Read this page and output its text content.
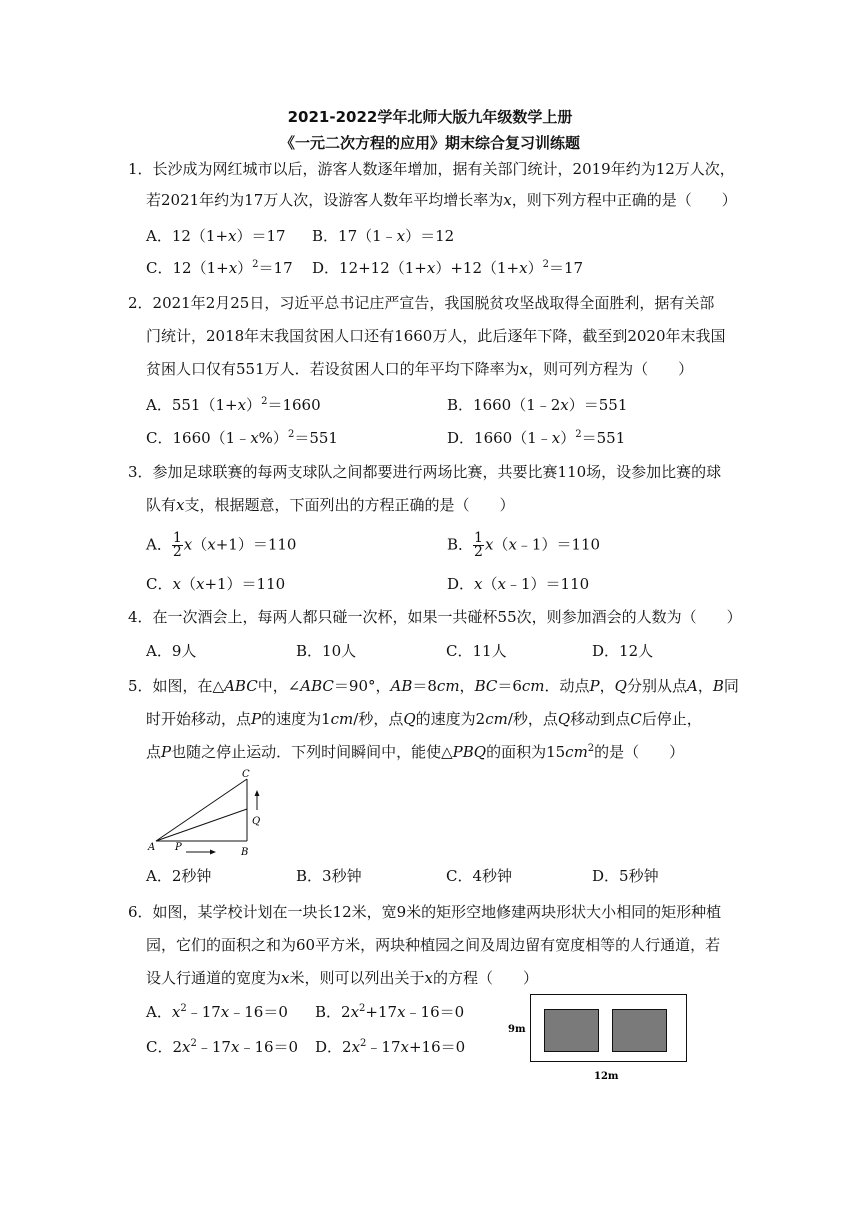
2021-2022学年北师大版九年级数学上册
《一元二次方程的应用》期末综合复习训练题
1．长沙成为网红城市以后，游客人数逐年增加，据有关部门统计，2019年约为12万人次，
若2021年约为17万人次，设游客人数年平均增长率为x，则下列方程中正确的是（　　）
A．12（1+x）＝17 B．17（1﹣x）＝12
C．$12(1+x)^2=17$ D．$12+12(1+x)+12(1+x)^2=17$
2．2021年2月25日，习近平总书记庄严宣告，我国脱贫攻坚战取得全面胜利，据有关部
门统计，2018年末我国贫困人口还有1660万人，此后逐年下降，截至到2020年末我国
贫困人口仅有551万人．若设贫困人口的年平均下降率为x，则可列方程为（　　）
A．$551(1+x)^2=1660$	B．1660（1﹣2x）＝551
C．1660（1﹣x%）$^2$＝551	D．1660（1﹣x）$^2$＝551
3．参加足球联赛的每两支球队之间都要进行两场比赛，共要比赛110场，设参加比赛的球
队有x支，根据题意，下面列出的方程正确的是（　　）
A． $\frac{1}{2} x(x+1)=110$	B． $\frac{1}{2}$ x（x﹣1）＝110
C．x（x+1）＝110	D．x（x﹣1）＝110
4．在一次酒会上，每两人都只碰一次杯，如果一共碰杯55次，则参加酒会的人数为（　　）
A．9人	B．10人	C．11人	D．12人
5．如图，在△ABC中，∠ABC＝90°，AB＝8cm，BC＝6cm．动点P，Q分别从点A，B同
时开始移动，点P的速度为1cm/秒，点Q的速度为2cm/秒，点Q移动到点C后停止，
点P也随之停止运动．下列时间瞬间中，能使△PBQ的面积为$15cm^2$的是（　　）
C
Q
A P	B
A．2秒钟	B．3秒钟	C．4秒钟	D．5秒钟
6．如图，某学校计划在一块长12米，宽9米的矩形空地修建两块形状大小相同的矩形种植
园，它们的面积之和为60平方米，两块种植园之间及周边留有宽度相等的人行通道，若
设人行通道的宽度为x米，则可以列出关于x的方程（　　）
A．$x^2﹣17x﹣16=0$ B．$2x^2+17x﹣16=0$
C．$2x^2﹣17x﹣16=0$ D．$2x^2﹣17x+16=0$
9m
12m
